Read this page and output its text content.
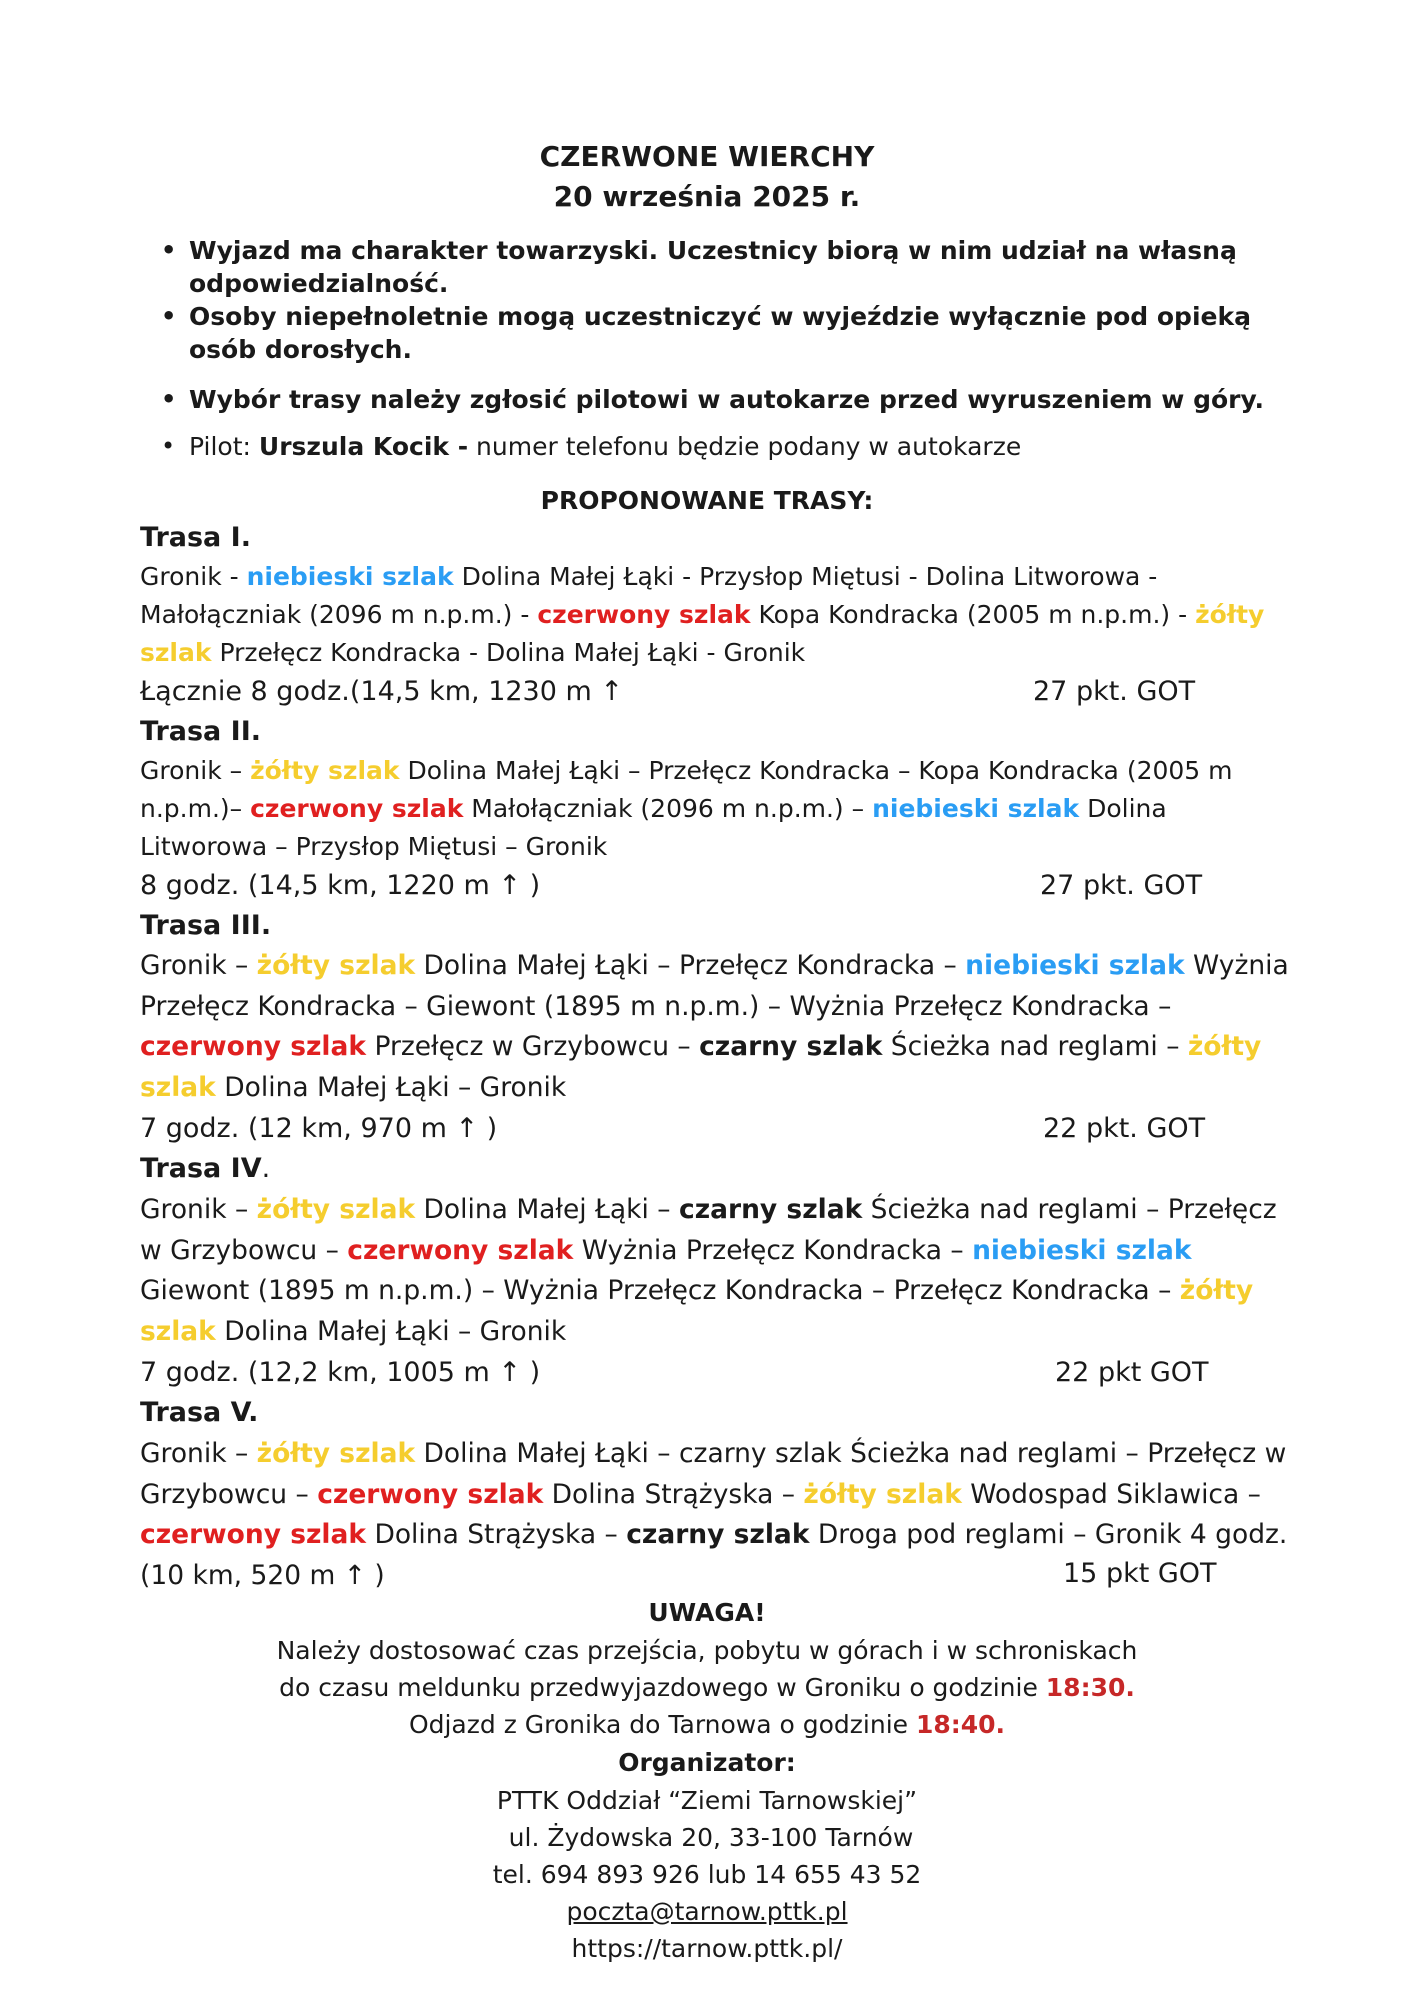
CZERWONE WIERCHY
20 września 2025 r.
• Wyjazd ma charakter towarzyski. Uczestnicy biorą w nim udział na własną odpowiedzialność.
• Osoby niepełnoletnie mogą uczestniczyć w wyjeździe wyłącznie pod opieką osób dorosłych.
• Wybór trasy należy zgłosić pilotowi w autokarze przed wyruszeniem w góry.
• Pilot: Urszula Kocik - numer telefonu będzie podany w autokarze
PROPONOWANE TRASY:
Trasa I.

Gronik - niebieski szlak Dolina Małej Łąki - Przysłop Miętusi - Dolina Litworowa - Małołączniak (2096 m n.p.m.) - czerwony szlak Kopa Kondracka (2005 m n.p.m.) - żółty szlak Przełęcz Kondracka - Dolina Małej Łąki - Gronik

Łącznie 8 godz.(14,5 km, 1230 m ↑	27 pkt. GOT
Trasa II.

Gronik – żółty szlak Dolina Małej Łąki – Przełęcz Kondracka – Kopa Kondracka (2005 m n.p.m.)– czerwony szlak Małołączniak (2096 m n.p.m.) – niebieski szlak Dolina Litworowa – Przysłop Miętusi – Gronik

8 godz. (14,5 km, 1220 m ↑ )	27 pkt. GOT
Trasa III.

Gronik – żółty szlak Dolina Małej Łąki – Przełęcz Kondracka – niebieski szlak Wyżnia Przełęcz Kondracka – Giewont (1895 m n.p.m.) – Wyżnia Przełęcz Kondracka – czerwony szlak Przełęcz w Grzybowcu – czarny szlak Ścieżka nad reglami – żółty szlak Dolina Małej Łąki – Gronik

7 godz. (12 km, 970 m ↑ )	22 pkt. GOT
Trasa IV.

Gronik – żółty szlak Dolina Małej Łąki – czarny szlak Ścieżka nad reglami – Przełęcz w Grzybowcu – czerwony szlak Wyżnia Przełęcz Kondracka – niebieski szlak Giewont (1895 m n.p.m.) – Wyżnia Przełęcz Kondracka – Przełęcz Kondracka – żółty szlak Dolina Małej Łąki – Gronik

7 godz. (12,2 km, 1005 m ↑ )	22 pkt GOT
Trasa V.

Gronik – żółty szlak Dolina Małej Łąki – czarny szlak Ścieżka nad reglami – Przełęcz w Grzybowcu – czerwony szlak Dolina Strążyska – żółty szlak Wodospad Siklawica – czerwony szlak Dolina Strążyska – czarny szlak Droga pod reglami – Gronik 4 godz. (10 km, 520 m ↑ )	15 pkt GOT
UWAGA!
Należy dostosować czas przejścia, pobytu w górach i w schroniskach
do czasu meldunku przedwyjazdowego w Groniku o godzinie 18:30.
Odjazd z Gronika do Tarnowa o godzinie 18:40.
Organizator:
PTTK Oddział “Ziemi Tarnowskiej”
ul. Żydowska 20, 33-100 Tarnów
tel. 694 893 926 lub 14 655 43 52
poczta@tarnow.pttk.pl
https://tarnow.pttk.pl/
